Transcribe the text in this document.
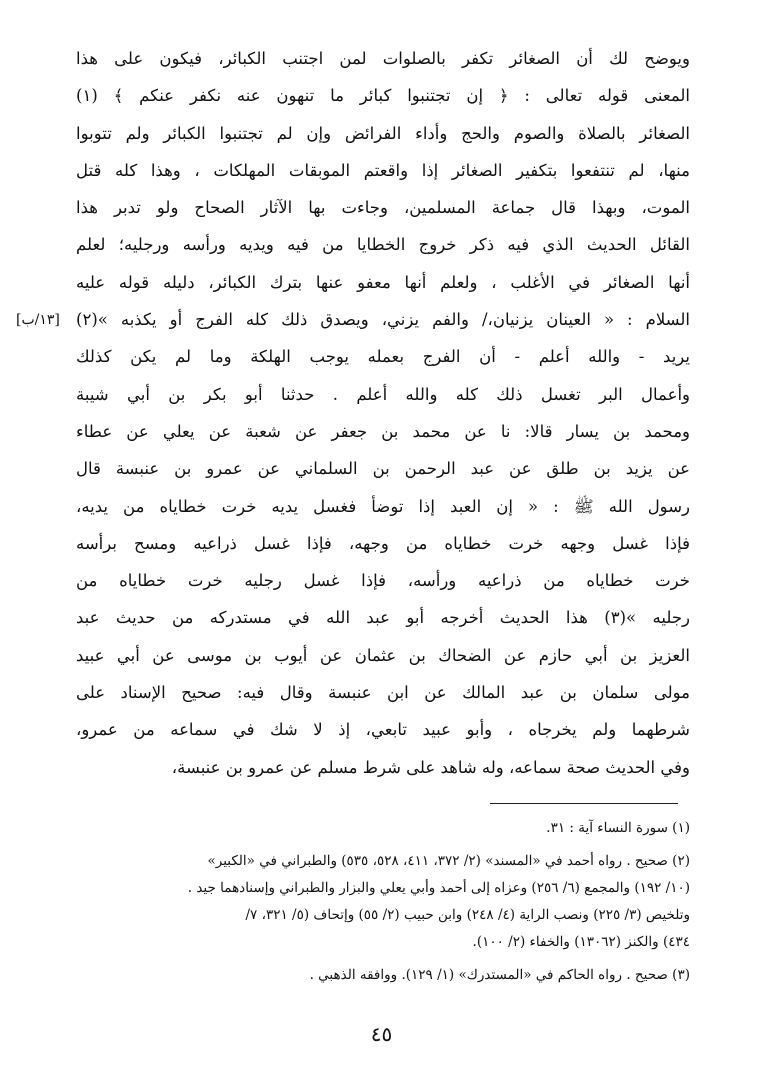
ويوضح لك أن الصغائر تكفر بالصلوات لمن اجتنب الكبائر، فيكون على هذا
المعنى قوله تعالى : ﴿ إن تجتنبوا كبائر ما تنهون عنه نكفر عنكم ﴾ (١)
الصغائر بالصلاة والصوم والحج وأداء الفرائض وإن لم تجتنبوا الكبائر ولم تتوبوا
منها، لم تنتفعوا بتكفير الصغائر إذا واقعتم الموبقات المهلكات ، وهذا كله قتل
الموت، وبهذا قال جماعة المسلمين، وجاءت بها الآثار الصحاح ولو تدبر هذا
القائل الحديث الذي فيه ذكر خروج الخطايا من فيه ويديه ورأسه ورجليه؛ لعلم
أنها الصغائر في الأغلب ، ولعلم أنها معفو عنها بترك الكبائر، دليله قوله عليه
السلام : « العينان يزنيان،/ والفم يزني، ويصدق ذلك كله الفرج أو يكذبه »(٢)
يريد - والله أعلم - أن الفرج بعمله يوجب الهلكة وما لم يكن كذلك
وأعمال البر تغسل ذلك كله والله أعلم . حدثنا أبو بكر بن أبي شيبة
ومحمد بن يسار قالا: نا عن محمد بن جعفر عن شعبة عن يعلي عن عطاء
عن يزيد بن طلق عن عبد الرحمن بن السلماني عن عمرو بن عنبسة قال
رسول الله ﷺ : « إن العبد إذا توضأ فغسل يديه خرت خطاياه من يديه،
فإذا غسل وجهه خرت خطاياه من وجهه، فإذا غسل ذراعيه ومسح برأسه
خرت خطاياه من ذراعيه ورأسه، فإذا غسل رجليه خرت خطاياه من
رجليه »(٣) هذا الحديث أخرجه أبو عبد الله في مستدركه من حديث عبد
العزيز بن أبي حازم عن الضحاك بن عثمان عن أيوب بن موسى عن أبي عبيد
مولى سلمان بن عبد المالك عن ابن عنبسة وقال فيه: صحيح الإسناد على
شرطهما ولم يخرجاه ، وأبو عبيد تابعي، إذ لا شك في سماعه من عمرو،
وفي الحديث صحة سماعه، وله شاهد على شرط مسلم عن عمرو بن عنبسة،
[١٣/ب]
(١) سورة النساء آية : ٣١.
(٢) صحيح . رواه أحمد في «المسند» (٢/ ٣٧٢، ٤١١، ٥٢٨، ٥٣٥) والطبراني في «الكبير»
(١٠/ ١٩٢) والمجمع (٦/ ٢٥٦) وعزاه إلى أحمد وأبي يعلي والبزار والطبراني وإسنادهما جيد .
وتلخيص (٣/ ٢٢٥) ونصب الراية (٤/ ٢٤٨) وابن حبيب (٢/ ٥٥) وإتحاف (٥/ ٣٢١، ٧/
٤٣٤) والكنز (١٣٠٦٢) والخفاء (٢/ ١٠٠).
(٣) صحيح . رواه الحاكم في «المستدرك» (١/ ١٢٩). ووافقه الذهبي .
٤٥
